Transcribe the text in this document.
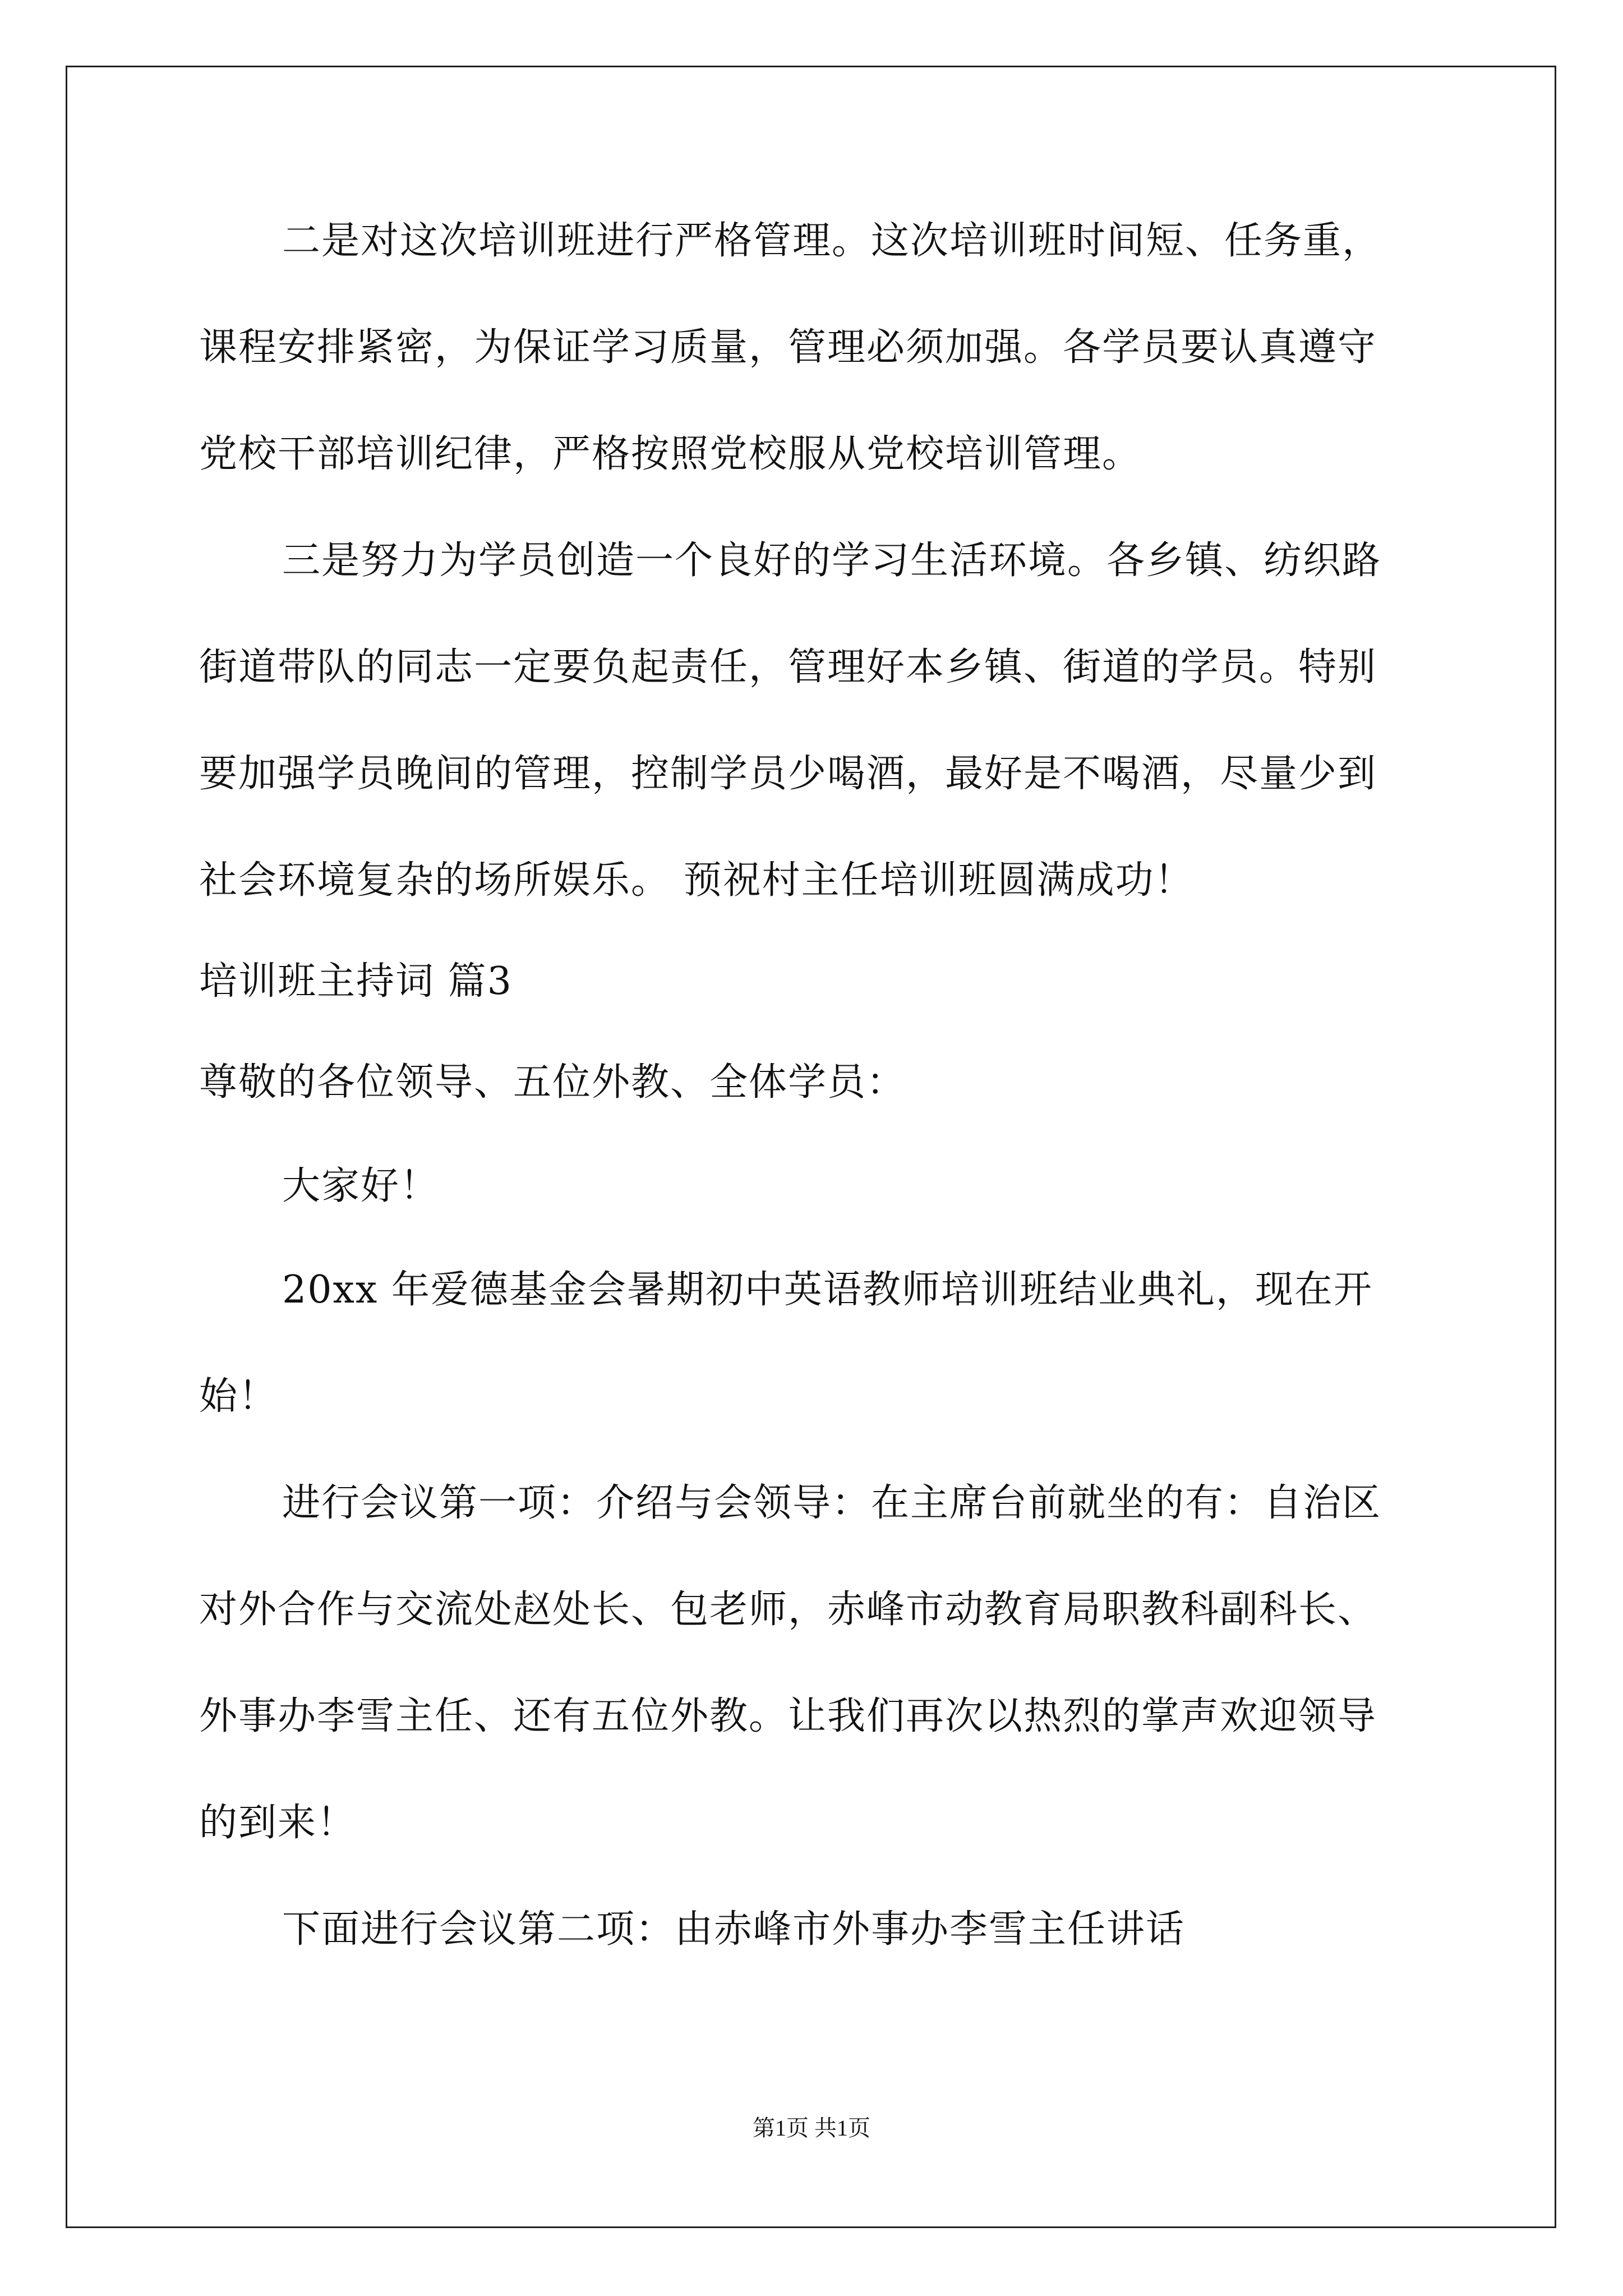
二是对这次培训班进行严格管理。这次培训班时间短、任务重，
课程安排紧密，为保证学习质量，管理必须加强。各学员要认真遵守
党校干部培训纪律，严格按照党校服从党校培训管理。
三是努力为学员创造一个良好的学习生活环境。各乡镇、纺织路
街道带队的同志一定要负起责任，管理好本乡镇、街道的学员。特别
要加强学员晚间的管理，控制学员少喝酒，最好是不喝酒，尽量少到
社会环境复杂的场所娱乐。 预祝村主任培训班圆满成功！
培训班主持词 篇3
尊敬的各位领导、五位外教、全体学员：
大家好！
20xx 年爱德基金会暑期初中英语教师培训班结业典礼，现在开
始！
进行会议第一项：介绍与会领导：在主席台前就坐的有：自治区
对外合作与交流处赵处长、包老师，赤峰市动教育局职教科副科长、
外事办李雪主任、还有五位外教。让我们再次以热烈的掌声欢迎领导
的到来！
下面进行会议第二项：由赤峰市外事办李雪主任讲话
第1页 共1页
